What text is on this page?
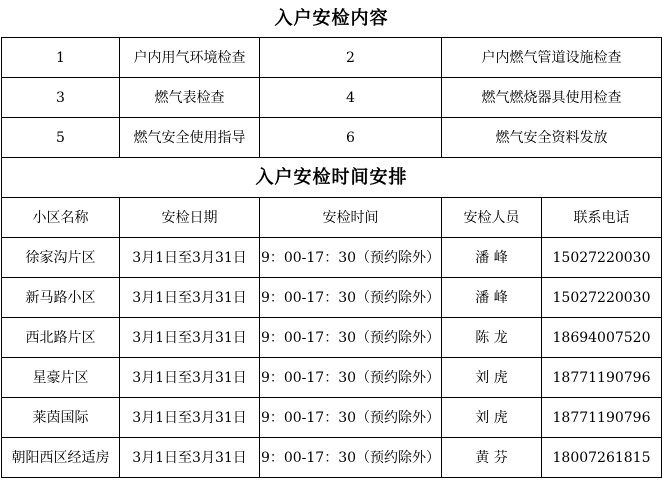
入户安检内容				
1	户内用气环境检查	2	户内燃气管道设施检查	
3	燃气表检查	4	燃气燃烧器具使用检查	
5	燃气安全使用指导	6	燃气安全资料发放	
入户安检时间安排				
小区名称	安检日期	安检时间	安检人员	联系电话
徐家沟片区	3月1日至3月31日	9：00-17：30（预约除外）	潘 峰	15027220030
新马路小区	3月1日至3月31日	9：00-17：30（预约除外）	潘 峰	15027220030
西北路片区	3月1日至3月31日	9：00-17：30（预约除外）	陈 龙	18694007520
星豪片区	3月1日至3月31日	9：00-17：30（预约除外）	刘 虎	18771190796
莱茵国际	3月1日至3月31日	9：00-17：30（预约除外）	刘 虎	18771190796
朝阳西区经适房	3月1日至3月31日	9：00-17：30（预约除外）	黄 芬	18007261815
